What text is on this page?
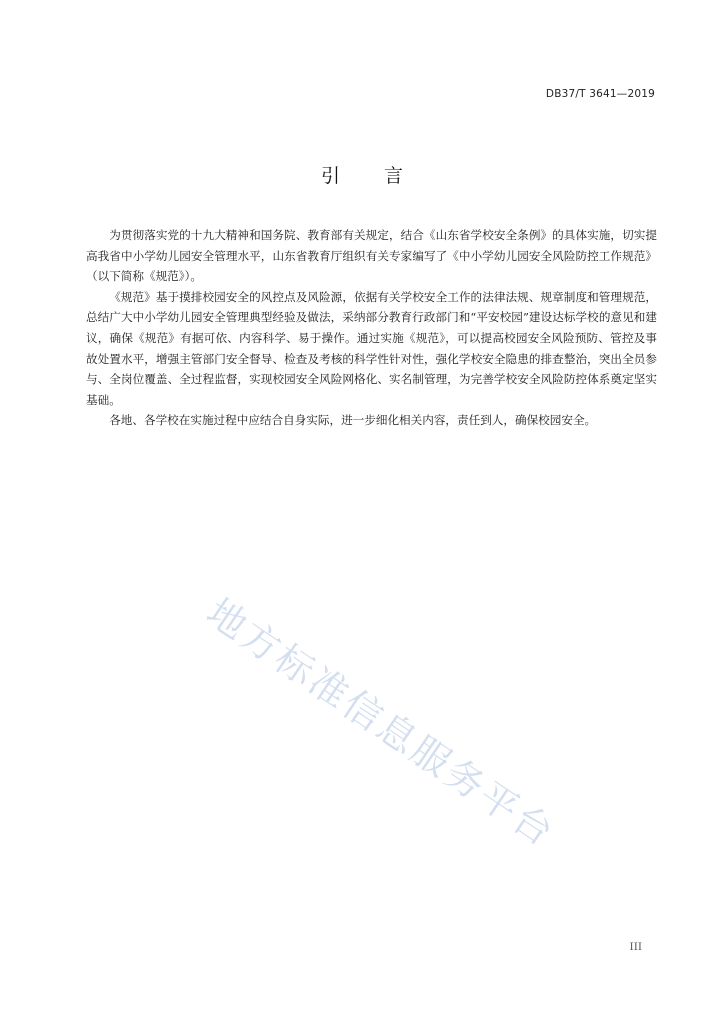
DB37/T 3641—2019
引言

为贯彻落实党的十九大精神和国务院、教育部有关规定，结合《山东省学校安全条例》的具体实施，切实提高我省中小学幼儿园安全管理水平，山东省教育厅组织有关专家编写了《中小学幼儿园安全风险防控工作规范》（以下简称《规范》）。

《规范》基于摸排校园安全的风控点及风险源，依据有关学校安全工作的法律法规、规章制度和管理规范，总结广大中小学幼儿园安全管理典型经验及做法，采纳部分教育行政部门和“平安校园”建设达标学校的意见和建议，确保《规范》有据可依、内容科学、易于操作。通过实施《规范》，可以提高校园安全风险预防、管控及事故处置水平，增强主管部门安全督导、检查及考核的科学性针对性，强化学校安全隐患的排查整治，突出全员参与、全岗位覆盖、全过程监督，实现校园安全风险网格化、实名制管理，为完善学校安全风险防控体系奠定坚实基础。

各地、各学校在实施过程中应结合自身实际，进一步细化相关内容，责任到人，确保校园安全。

地方标准信息服务平台
III
